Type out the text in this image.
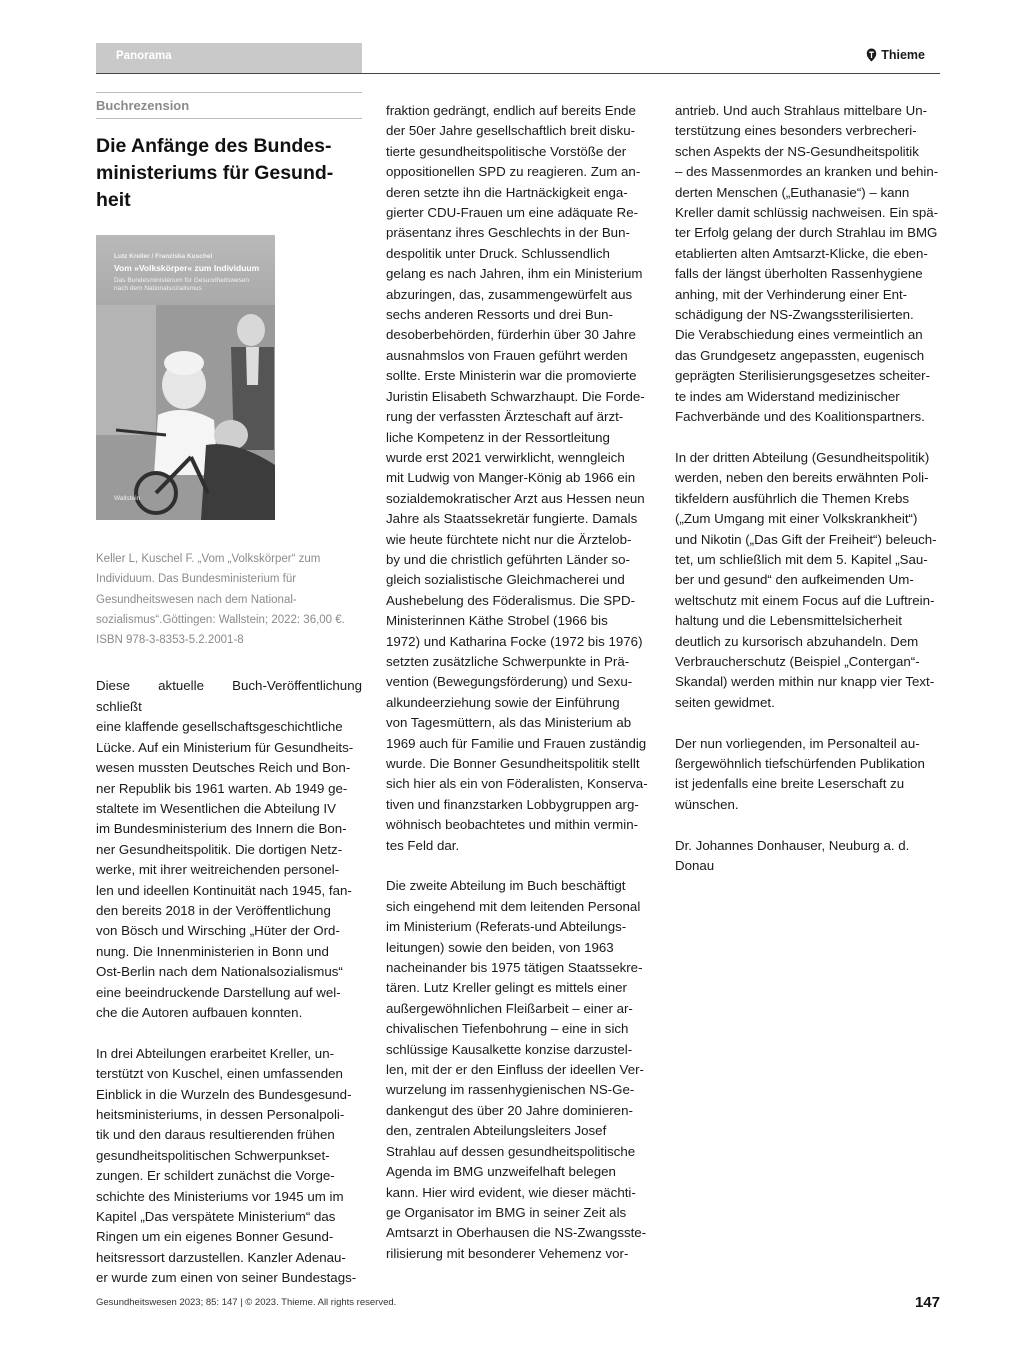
Panorama	Thieme
Buchrezension
Die Anfänge des Bundes-
ministeriums für Gesund-
heit
Lutz Kreller / Franziska Kuschel
Vom »Volkskörper« zum Individuum
Das Bundesministerium für Gesundheitswesen
nach dem Nationalsozialismus
Wallstein
Keller L, Kuschel F. „Vom „Volkskörper“ zum
Individuum. Das Bundesministerium für
Gesundheitswesen nach dem National-
sozialismus“.Göttingen: Wallstein; 2022: 36,00 €.
ISBN 978-3-8353-5.2.2001-8

Diese aktuelle Buch-Veröffentlichung schließt
eine klaffende gesellschaftsgeschichtliche
Lücke. Auf ein Ministerium für Gesundheits-
wesen mussten Deutsches Reich und Bon-
ner Republik bis 1961 warten. Ab 1949 ge-
staltete im Wesentlichen die Abteilung IV
im Bundesministerium des Innern die Bon-
ner Gesundheitspolitik. Die dortigen Netz-
werke, mit ihrer weitreichenden personel-
len und ideellen Kontinuität nach 1945, fan-
den bereits 2018 in der Veröffentlichung
von Bösch und Wirsching „Hüter der Ord-
nung. Die Innenministerien in Bonn und
Ost-Berlin nach dem Nationalsozialismus“
eine beeindruckende Darstellung auf wel-
che die Autoren aufbauen konnten.

In drei Abteilungen erarbeitet Kreller, un-
terstützt von Kuschel, einen umfassenden
Einblick in die Wurzeln des Bundesgesund-
heitsministeriums, in dessen Personalpoli-
tik und den daraus resultierenden frühen
gesundheitspolitischen Schwerpunkset-
zungen. Er schildert zunächst die Vorge-
schichte des Ministeriums vor 1945 um im
Kapitel „Das verspätete Ministerium“ das
Ringen um ein eigenes Bonner Gesund-
heitsressort darzustellen. Kanzler Adenau-
er wurde zum einen von seiner Bundestags-

fraktion gedrängt, endlich auf bereits Ende
der 50er Jahre gesellschaftlich breit disku-
tierte gesundheitspolitische Vorstöße der
oppositionellen SPD zu reagieren. Zum an-
deren setzte ihn die Hartnäckigkeit enga-
gierter CDU-Frauen um eine adäquate Re-
präsentanz ihres Geschlechts in der Bun-
despolitik unter Druck. Schlussendlich
gelang es nach Jahren, ihm ein Ministerium
abzuringen, das, zusammengewürfelt aus
sechs anderen Ressorts und drei Bun-
desoberbehörden, fürderhin über 30 Jahre
ausnahmslos von Frauen geführt werden
sollte. Erste Ministerin war die promovierte
Juristin Elisabeth Schwarzhaupt. Die Forde-
rung der verfassten Ärzteschaft auf ärzt-
liche Kompetenz in der Ressortleitung
wurde erst 2021 verwirklicht, wenngleich
mit Ludwig von Manger-König ab 1966 ein
sozialdemokratischer Arzt aus Hessen neun
Jahre als Staatssekretär fungierte. Damals
wie heute fürchtete nicht nur die Ärztelob-
by und die christlich geführten Länder so-
gleich sozialistische Gleichmacherei und
Aushebelung des Föderalismus. Die SPD-
Ministerinnen Käthe Strobel (1966 bis
1972) und Katharina Focke (1972 bis 1976)
setzten zusätzliche Schwerpunkte in Prä-
vention (Bewegungsförderung) und Sexu-
alkundeerziehung sowie der Einführung
von Tagesmüttern, als das Ministerium ab
1969 auch für Familie und Frauen zuständig
wurde. Die Bonner Gesundheitspolitik stellt
sich hier als ein von Föderalisten, Konserva-
tiven und finanzstarken Lobbygruppen arg-
wöhnisch beobachtetes und mithin vermin-
tes Feld dar.

Die zweite Abteilung im Buch beschäftigt
sich eingehend mit dem leitenden Personal
im Ministerium (Referats-und Abteilungs-
leitungen) sowie den beiden, von 1963
nacheinander bis 1975 tätigen Staatssekre-
tären. Lutz Kreller gelingt es mittels einer
außergewöhnlichen Fleißarbeit – einer ar-
chivalischen Tiefenbohrung – eine in sich
schlüssige Kausalkette konzise darzustel-
len, mit der er den Einfluss der ideellen Ver-
wurzelung im rassenhygienischen NS-Ge-
dankengut des über 20 Jahre dominieren-
den, zentralen Abteilungsleiters Josef
Strahlau auf dessen gesundheitspolitische
Agenda im BMG unzweifelhaft belegen
kann. Hier wird evident, wie dieser mächti-
ge Organisator im BMG in seiner Zeit als
Amtsarzt in Oberhausen die NS-Zwangsste-
rilisierung mit besonderer Vehemenz vor-

antrieb. Und auch Strahlaus mittelbare Un-
terstützung eines besonders verbrecheri-
schen Aspekts der NS-Gesundheitspolitik
– des Massenmordes an kranken und behin-
derten Menschen („Euthanasie“) – kann
Kreller damit schlüssig nachweisen. Ein spä-
ter Erfolg gelang der durch Strahlau im BMG
etablierten alten Amtsarzt-Klicke, die eben-
falls der längst überholten Rassenhygiene
anhing, mit der Verhinderung einer Ent-
schädigung der NS-Zwangssterilisierten.
Die Verabschiedung eines vermeintlich an
das Grundgesetz angepassten, eugenisch
geprägten Sterilisierungsgesetzes scheiter-
te indes am Widerstand medizinischer
Fachverbände und des Koalitionspartners.

In der dritten Abteilung (Gesundheitspolitik)
werden, neben den bereits erwähnten Poli-
tikfeldern ausführlich die Themen Krebs
(„Zum Umgang mit einer Volkskrankheit“)
und Nikotin („Das Gift der Freiheit“) beleuch-
tet, um schließlich mit dem 5. Kapitel „Sau-
ber und gesund“ den aufkeimenden Um-
weltschutz mit einem Focus auf die Luftrein-
haltung und die Lebensmittelsicherheit
deutlich zu kursorisch abzuhandeln. Dem
Verbraucherschutz (Beispiel „Contergan“-
Skandal) werden mithin nur knapp vier Text-
seiten gewidmet.

Der nun vorliegenden, im Personalteil au-
ßergewöhnlich tiefschürfenden Publikation
ist jedenfalls eine breite Leserschaft zu
wünschen.

Dr. Johannes Donhauser, Neuburg a. d.
Donau

Gesundheitswesen 2023; 85: 147 | © 2023. Thieme. All rights reserved.	147
